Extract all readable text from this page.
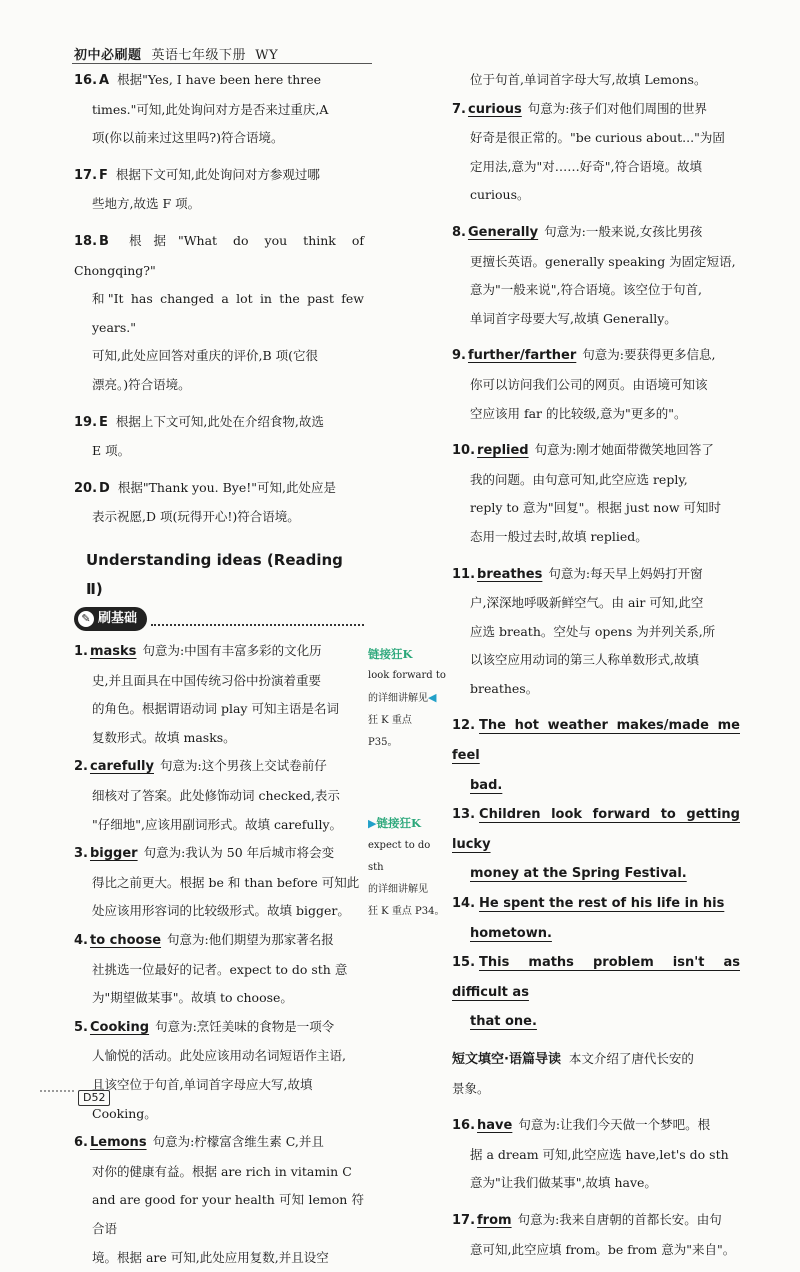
初中必刷题 英语七年级下册 WY
16. A 根据"Yes, I have been here three
times."可知,此处询问对方是否来过重庆,A
项(你以前来过这里吗?)符合语境。
17. F 根据下文可知,此处询问对方参观过哪
些地方,故选 F 项。
18. B 根据"What do you think of Chongqing?"
和"It has changed a lot in the past few years."
可知,此处应回答对重庆的评价,B 项(它很
漂亮。)符合语境。
19. E 根据上下文可知,此处在介绍食物,故选
E 项。
20. D 根据"Thank you. Bye!"可知,此处应是
表示祝愿,D 项(玩得开心!)符合语境。
Understanding ideas (Reading Ⅱ)
✎ 刷基础
1. masks 句意为:中国有丰富多彩的文化历
史,并且面具在中国传统习俗中扮演着重要
的角色。根据谓语动词 play 可知主语是名词
复数形式。故填 masks。
2. carefully 句意为:这个男孩上交试卷前仔
细核对了答案。此处修饰动词 checked,表示
"仔细地",应该用副词形式。故填 carefully。
3. bigger 句意为:我认为 50 年后城市将会变
得比之前更大。根据 be 和 than before 可知此
处应该用形容词的比较级形式。故填 bigger。
4. to choose 句意为:他们期望为那家著名报
社挑选一位最好的记者。expect to do sth 意
为"期望做某事"。故填 to choose。
5. Cooking 句意为:烹饪美味的食物是一项令
人愉悦的活动。此处应该用动名词短语作主语,
且该空位于句首,单词首字母应大写,故填
Cooking。
6. Lemons 句意为:柠檬富含维生素 C,并且
对你的健康有益。根据 are rich in vitamin C
and are good for your health 可知 lemon 符合语
境。根据 are 可知,此处应用复数,并且设空
链接狂K
look forward to
的详细讲解见◀
狂 K 重点
P35。
▶链接狂K
expect to do sth
的详细讲解见
狂 K 重点 P34。

位于句首,单词首字母大写,故填 Lemons。

7. curious 句意为:孩子们对他们周围的世界
好奇是很正常的。"be curious about..."为固
定用法,意为"对……好奇",符合语境。故填
curious。
8. Generally 句意为:一般来说,女孩比男孩
更擅长英语。generally speaking 为固定短语,
意为"一般来说",符合语境。该空位于句首,
单词首字母要大写,故填 Generally。
9. further/farther 句意为:要获得更多信息,
你可以访问我们公司的网页。由语境可知该
空应该用 far 的比较级,意为"更多的"。
10. replied 句意为:刚才她面带微笑地回答了
我的问题。由句意可知,此空应选 reply,
reply to 意为"回复"。根据 just now 可知时
态用一般过去时,故填 replied。
11. breathes 句意为:每天早上妈妈打开窗
户,深深地呼吸新鲜空气。由 air 可知,此空
应选 breath。空处与 opens 为并列关系,所
以该空应用动词的第三人称单数形式,故填
breathes。
12. The hot weather makes/made me feel
bad.
13. Children look forward to getting lucky
money at the Spring Festival.
14. He spent the rest of his life in his
hometown.
15. This maths problem isn't as difficult as
that one.
短文填空·语篇导读 本文介绍了唐代长安的
景象。
16. have 句意为:让我们今天做一个梦吧。根
据 a dream 可知,此空应选 have,let's do sth
意为"让我们做某事",故填 have。
17. from 句意为:我来自唐朝的首都长安。由句
意可知,此空应填 from。be from 意为"来自"。
D52
